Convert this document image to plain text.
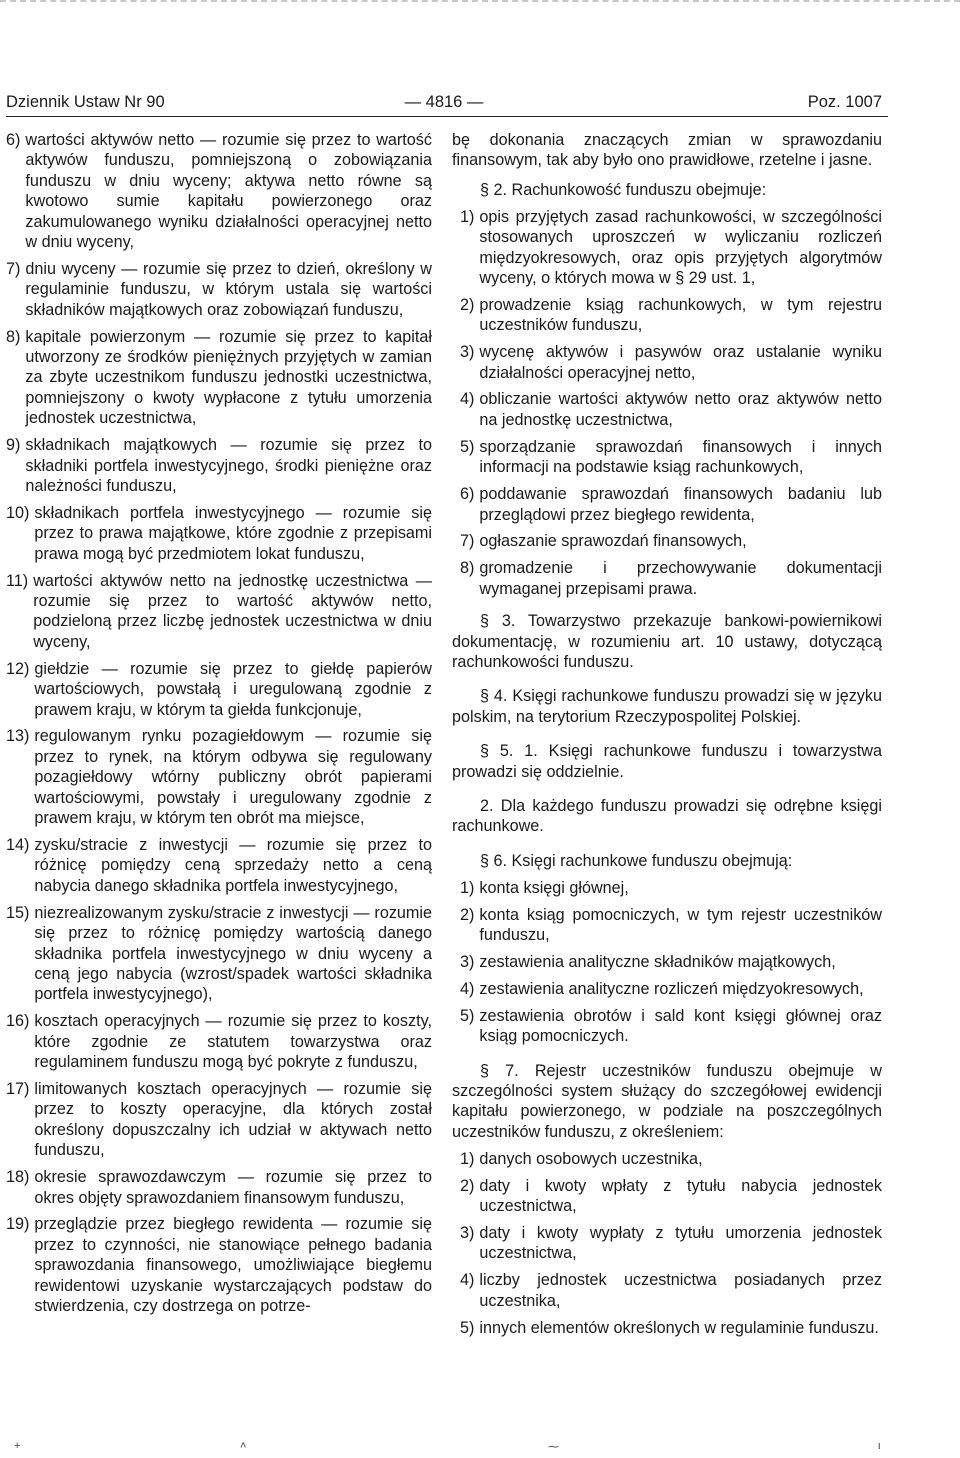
Dziennik Ustaw Nr 90	— 4816 —	Poz. 1007
6) wartości aktywów netto — rozumie się przez to wartość aktywów funduszu, pomniejszoną o zobowiązania funduszu w dniu wyceny; aktywa netto równe są kwotowo sumie kapitału powierzonego oraz zakumulowanego wyniku działalności operacyjnej netto w dniu wyceny,
7) dniu wyceny — rozumie się przez to dzień, określony w regulaminie funduszu, w którym ustala się wartości składników majątkowych oraz zobowiązań funduszu,
8) kapitale powierzonym — rozumie się przez to kapitał utworzony ze środków pieniężnych przyjętych w zamian za zbyte uczestnikom funduszu jednostki uczestnictwa, pomniejszony o kwoty wypłacone z tytułu umorzenia jednostek uczestnictwa,
9) składnikach majątkowych — rozumie się przez to składniki portfela inwestycyjnego, środki pieniężne oraz należności funduszu,
10) składnikach portfela inwestycyjnego — rozumie się przez to prawa majątkowe, które zgodnie z przepisami prawa mogą być przedmiotem lokat funduszu,
11) wartości aktywów netto na jednostkę uczestnictwa — rozumie się przez to wartość aktywów netto, podzieloną przez liczbę jednostek uczestnictwa w dniu wyceny,
12) giełdzie — rozumie się przez to giełdę papierów wartościowych, powstałą i uregulowaną zgodnie z prawem kraju, w którym ta giełda funkcjonuje,
13) regulowanym rynku pozagiełdowym — rozumie się przez to rynek, na którym odbywa się regulowany pozagiełdowy wtórny publiczny obrót papierami wartościowymi, powstały i uregulowany zgodnie z prawem kraju, w którym ten obrót ma miejsce,
14) zysku/stracie z inwestycji — rozumie się przez to różnicę pomiędzy ceną sprzedaży netto a ceną nabycia danego składnika portfela inwestycyjnego,
15) niezrealizowanym zysku/stracie z inwestycji — rozumie się przez to różnicę pomiędzy wartością danego składnika portfela inwestycyjnego w dniu wyceny a ceną jego nabycia (wzrost/spadek wartości składnika portfela inwestycyjnego),
16) kosztach operacyjnych — rozumie się przez to koszty, które zgodnie ze statutem towarzystwa oraz regulaminem funduszu mogą być pokryte z funduszu,
17) limitowanych kosztach operacyjnych — rozumie się przez to koszty operacyjne, dla których został określony dopuszczalny ich udział w aktywach netto funduszu,
18) okresie sprawozdawczym — rozumie się przez to okres objęty sprawozdaniem finansowym funduszu,
19) przeglądzie przez biegłego rewidenta — rozumie się przez to czynności, nie stanowiące pełnego badania sprawozdania finansowego, umożliwiające biegłemu rewidentowi uzyskanie wystarczających podstaw do stwierdzenia, czy dostrzega on potrze-
bę dokonania znaczących zmian w sprawozdaniu finansowym, tak aby było ono prawidłowe, rzetelne i jasne.
§ 2. Rachunkowość funduszu obejmuje:
1) opis przyjętych zasad rachunkowości, w szczególności stosowanych uproszczeń w wyliczaniu rozliczeń międzyokresowych, oraz opis przyjętych algorytmów wyceny, o których mowa w § 29 ust. 1,
2) prowadzenie ksiąg rachunkowych, w tym rejestru uczestników funduszu,
3) wycenę aktywów i pasywów oraz ustalanie wyniku działalności operacyjnej netto,
4) obliczanie wartości aktywów netto oraz aktywów netto na jednostkę uczestnictwa,
5) sporządzanie sprawozdań finansowych i innych informacji na podstawie ksiąg rachunkowych,
6) poddawanie sprawozdań finansowych badaniu lub przeglądowi przez biegłego rewidenta,
7) ogłaszanie sprawozdań finansowych,
8) gromadzenie i przechowywanie dokumentacji wymaganej przepisami prawa.
§ 3. Towarzystwo przekazuje bankowi-powiernikowi dokumentację, w rozumieniu art. 10 ustawy, dotyczącą rachunkowości funduszu.
§ 4. Księgi rachunkowe funduszu prowadzi się w języku polskim, na terytorium Rzeczypospolitej Polskiej.
§ 5. 1. Księgi rachunkowe funduszu i towarzystwa prowadzi się oddzielnie.
2. Dla każdego funduszu prowadzi się odrębne księgi rachunkowe.
§ 6. Księgi rachunkowe funduszu obejmują:
1) konta księgi głównej,
2) konta ksiąg pomocniczych, w tym rejestr uczestników funduszu,
3) zestawienia analityczne składników majątkowych,
4) zestawienia analityczne rozliczeń międzyokresowych,
5) zestawienia obrotów i sald kont księgi głównej oraz ksiąg pomocniczych.
§ 7. Rejestr uczestników funduszu obejmuje w szczególności system służący do szczegółowej ewidencji kapitału powierzonego, w podziale na poszczególnych uczestników funduszu, z określeniem:
1) danych osobowych uczestnika,
2) daty i kwoty wpłaty z tytułu nabycia jednostek uczestnictwa,
3) daty i kwoty wypłaty z tytułu umorzenia jednostek uczestnictwa,
4) liczby jednostek uczestnictwa posiadanych przez uczestnika,
5) innych elementów określonych w regulaminie funduszu.
+	˄	⁓	ι
